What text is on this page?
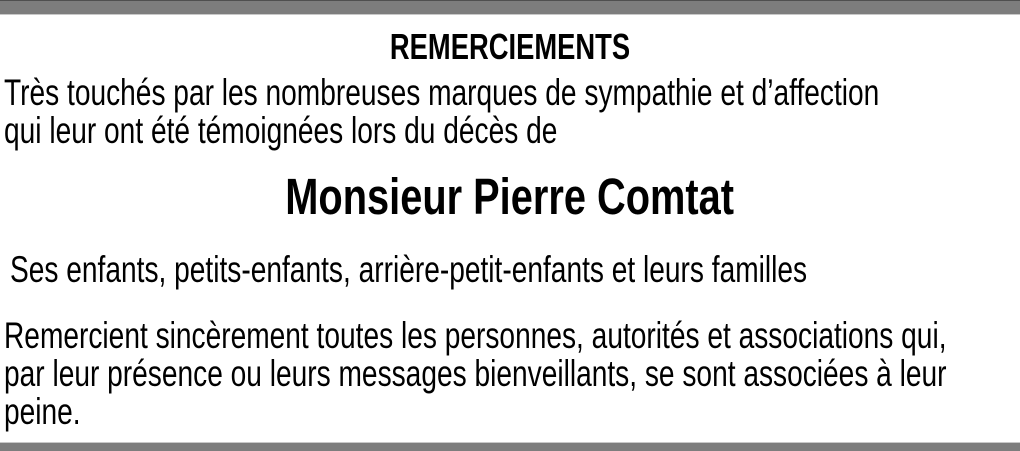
REMERCIEMENTS
Très touchés par les nombreuses marques de sympathie et d’affection
qui leur ont été témoignées lors du décès de
Monsieur Pierre Comtat
Ses enfants, petits-enfants, arrière-petit-enfants et leurs familles
Remercient sincèrement toutes les personnes, autorités et associations qui,
par leur présence ou leurs messages bienveillants, se sont associées à leur
peine.
